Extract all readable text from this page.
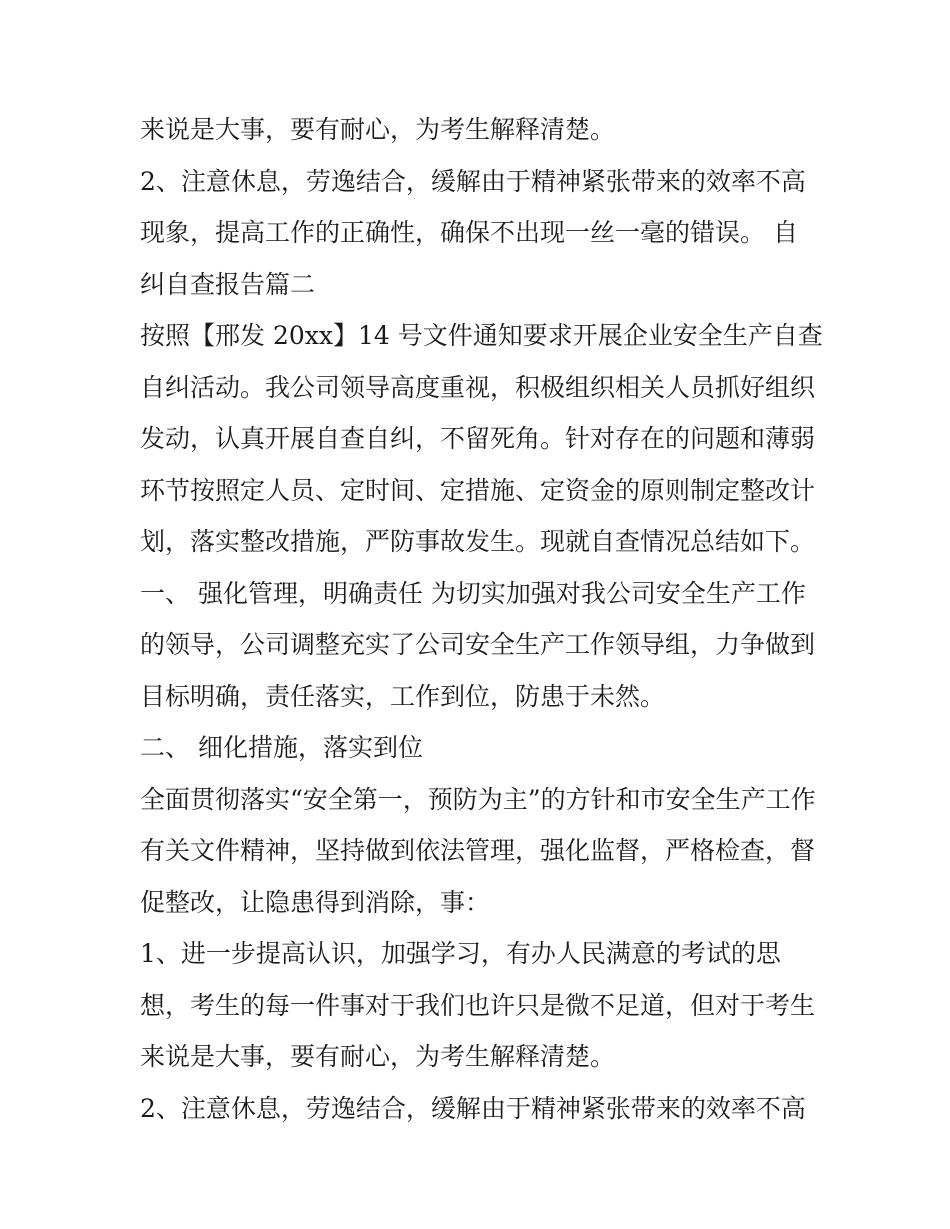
来说是大事，要有耐心，为考生解释清楚。
2、注意休息，劳逸结合，缓解由于精神紧张带来的效率不高
现象，提高工作的正确性，确保不出现一丝一毫的错误。 自
纠自查报告篇二
按照【邢发 20xx】14 号文件通知要求开展企业安全生产自查
自纠活动。我公司领导高度重视，积极组织相关人员抓好组织
发动，认真开展自查自纠，不留死角。针对存在的问题和薄弱
环节按照定人员、定时间、定措施、定资金的原则制定整改计
划，落实整改措施，严防事故发生。现就自查情况总结如下。
一、 强化管理，明确责任 为切实加强对我公司安全生产工作
的领导，公司调整充实了公司安全生产工作领导组，力争做到
目标明确，责任落实，工作到位，防患于未然。
二、 细化措施，落实到位
全面贯彻落实“安全第一，预防为主”的方针和市安全生产工作
有关文件精神，坚持做到依法管理，强化监督，严格检查，督
促整改，让隐患得到消除，事：
1、进一步提高认识，加强学习，有办人民满意的考试的思
想，考生的每一件事对于我们也许只是微不足道，但对于考生
来说是大事，要有耐心，为考生解释清楚。
2、注意休息，劳逸结合，缓解由于精神紧张带来的效率不高
